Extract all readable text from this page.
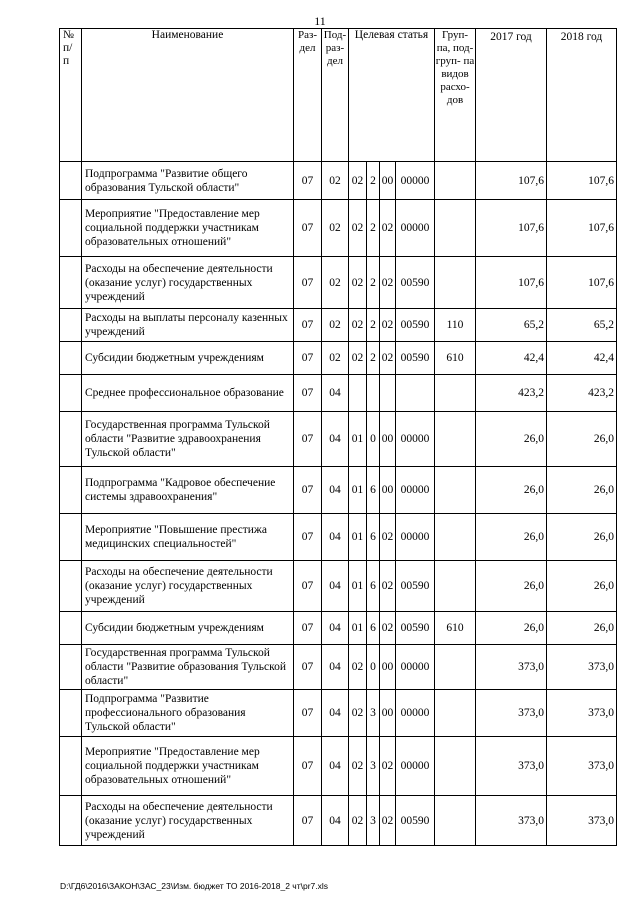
11
№ п/ п	Наименование	Раз- дел	Под- раз- дел	Целевая статья				Груп- па, под- груп- па видов расхо- дов	2017 год	2018 год
	Подпрограмма "Развитие общего образования Тульской области"	07	02	02	2	00	00000		107,6	107,6
	Мероприятие "Предоставление мер социальной поддержки участникам образовательных отношений"	07	02	02	2	02	00000		107,6	107,6
	Расходы на обеспечение деятельности (оказание услуг) государственных учреждений	07	02	02	2	02	00590		107,6	107,6
	Расходы на выплаты персоналу казенных учреждений	07	02	02	2	02	00590	110	65,2	65,2
	Субсидии бюджетным учреждениям	07	02	02	2	02	00590	610	42,4	42,4
	Среднее профессиональное образование	07	04						423,2	423,2
	Государственная программа Тульской области "Развитие здравоохранения Тульской области"	07	04	01	0	00	00000		26,0	26,0
	Подпрограмма "Кадровое обеспечение системы здравоохранения"	07	04	01	6	00	00000		26,0	26,0
	Мероприятие "Повышение престижа медицинских специальностей"	07	04	01	6	02	00000		26,0	26,0
	Расходы на обеспечение деятельности (оказание услуг) государственных учреждений	07	04	01	6	02	00590		26,0	26,0
	Субсидии бюджетным учреждениям	07	04	01	6	02	00590	610	26,0	26,0
	Государственная программа Тульской области "Развитие образования Тульской области"	07	04	02	0	00	00000		373,0	373,0
	Подпрограмма "Развитие профессионального образования Тульской области"	07	04	02	3	00	00000		373,0	373,0
	Мероприятие "Предоставление мер социальной поддержки участникам образовательных отношений"	07	04	02	3	02	00000		373,0	373,0
	Расходы на обеспечение деятельности (оказание услуг) государственных учреждений	07	04	02	3	02	00590		373,0	373,0
D:\ГД6\2016\ЗАКОН\ЗАС_23\Изм. бюджет ТО 2016-2018_2 чт\pr7.xls
